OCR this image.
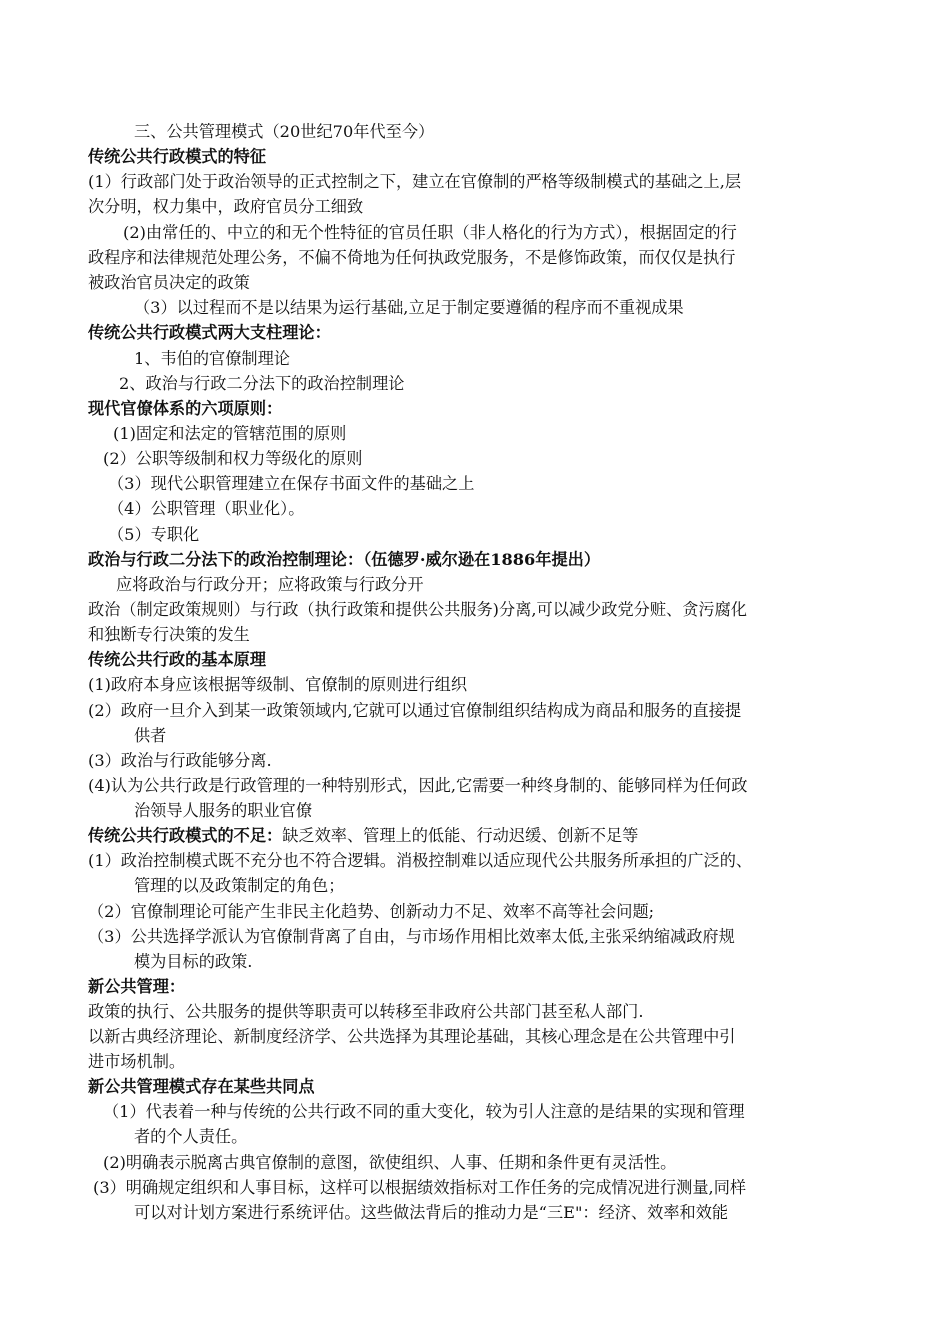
三、公共管理模式（20世纪70年代至今）
传统公共行政模式的特征
(1）行政部门处于政治领导的正式控制之下，建立在官僚制的严格等级制模式的基础之上,层
次分明，权力集中，政府官员分工细致
(2)由常任的、中立的和无个性特征的官员任职（非人格化的行为方式），根据固定的行
政程序和法律规范处理公务，不偏不倚地为任何执政党服务，不是修饰政策，而仅仅是执行
被政治官员决定的政策
（3）以过程而不是以结果为运行基础,立足于制定要遵循的程序而不重视成果
传统公共行政模式两大支柱理论：
1、韦伯的官僚制理论
2、政治与行政二分法下的政治控制理论
现代官僚体系的六项原则：
(1)固定和法定的管辖范围的原则
(2）公职等级制和权力等级化的原则
（3）现代公职管理建立在保存书面文件的基础之上
（4）公职管理（职业化）。
（5）专职化
政治与行政二分法下的政治控制理论：（伍德罗·威尔逊在1886年提出）
应将政治与行政分开；应将政策与行政分开
政治（制定政策规则）与行政（执行政策和提供公共服务)分离,可以减少政党分赃、贪污腐化
和独断专行决策的发生
传统公共行政的基本原理
(1)政府本身应该根据等级制、官僚制的原则进行组织
(2）政府一旦介入到某一政策领域内,它就可以通过官僚制组织结构成为商品和服务的直接提
供者
(3）政治与行政能够分离.
(4)认为公共行政是行政管理的一种特别形式，因此,它需要一种终身制的、能够同样为任何政
治领导人服务的职业官僚
传统公共行政模式的不足：缺乏效率、管理上的低能、行动迟缓、创新不足等
(1）政治控制模式既不充分也不符合逻辑。消极控制难以适应现代公共服务所承担的广泛的、
管理的以及政策制定的角色；
（2）官僚制理论可能产生非民主化趋势、创新动力不足、效率不高等社会问题;
（3）公共选择学派认为官僚制背离了自由，与市场作用相比效率太低,主张采纳缩减政府规
模为目标的政策.
新公共管理：
政策的执行、公共服务的提供等职责可以转移至非政府公共部门甚至私人部门.
以新古典经济理论、新制度经济学、公共选择为其理论基础，其核心理念是在公共管理中引
进市场机制。
新公共管理模式存在某些共同点
（1）代表着一种与传统的公共行政不同的重大变化，较为引人注意的是结果的实现和管理
者的个人责任。
(2)明确表示脱离古典官僚制的意图，欲使组织、人事、任期和条件更有灵活性。
(3）明确规定组织和人事目标，这样可以根据绩效指标对工作任务的完成情况进行测量,同样
可以对计划方案进行系统评估。这些做法背后的推动力是“三E"：经济、效率和效能
